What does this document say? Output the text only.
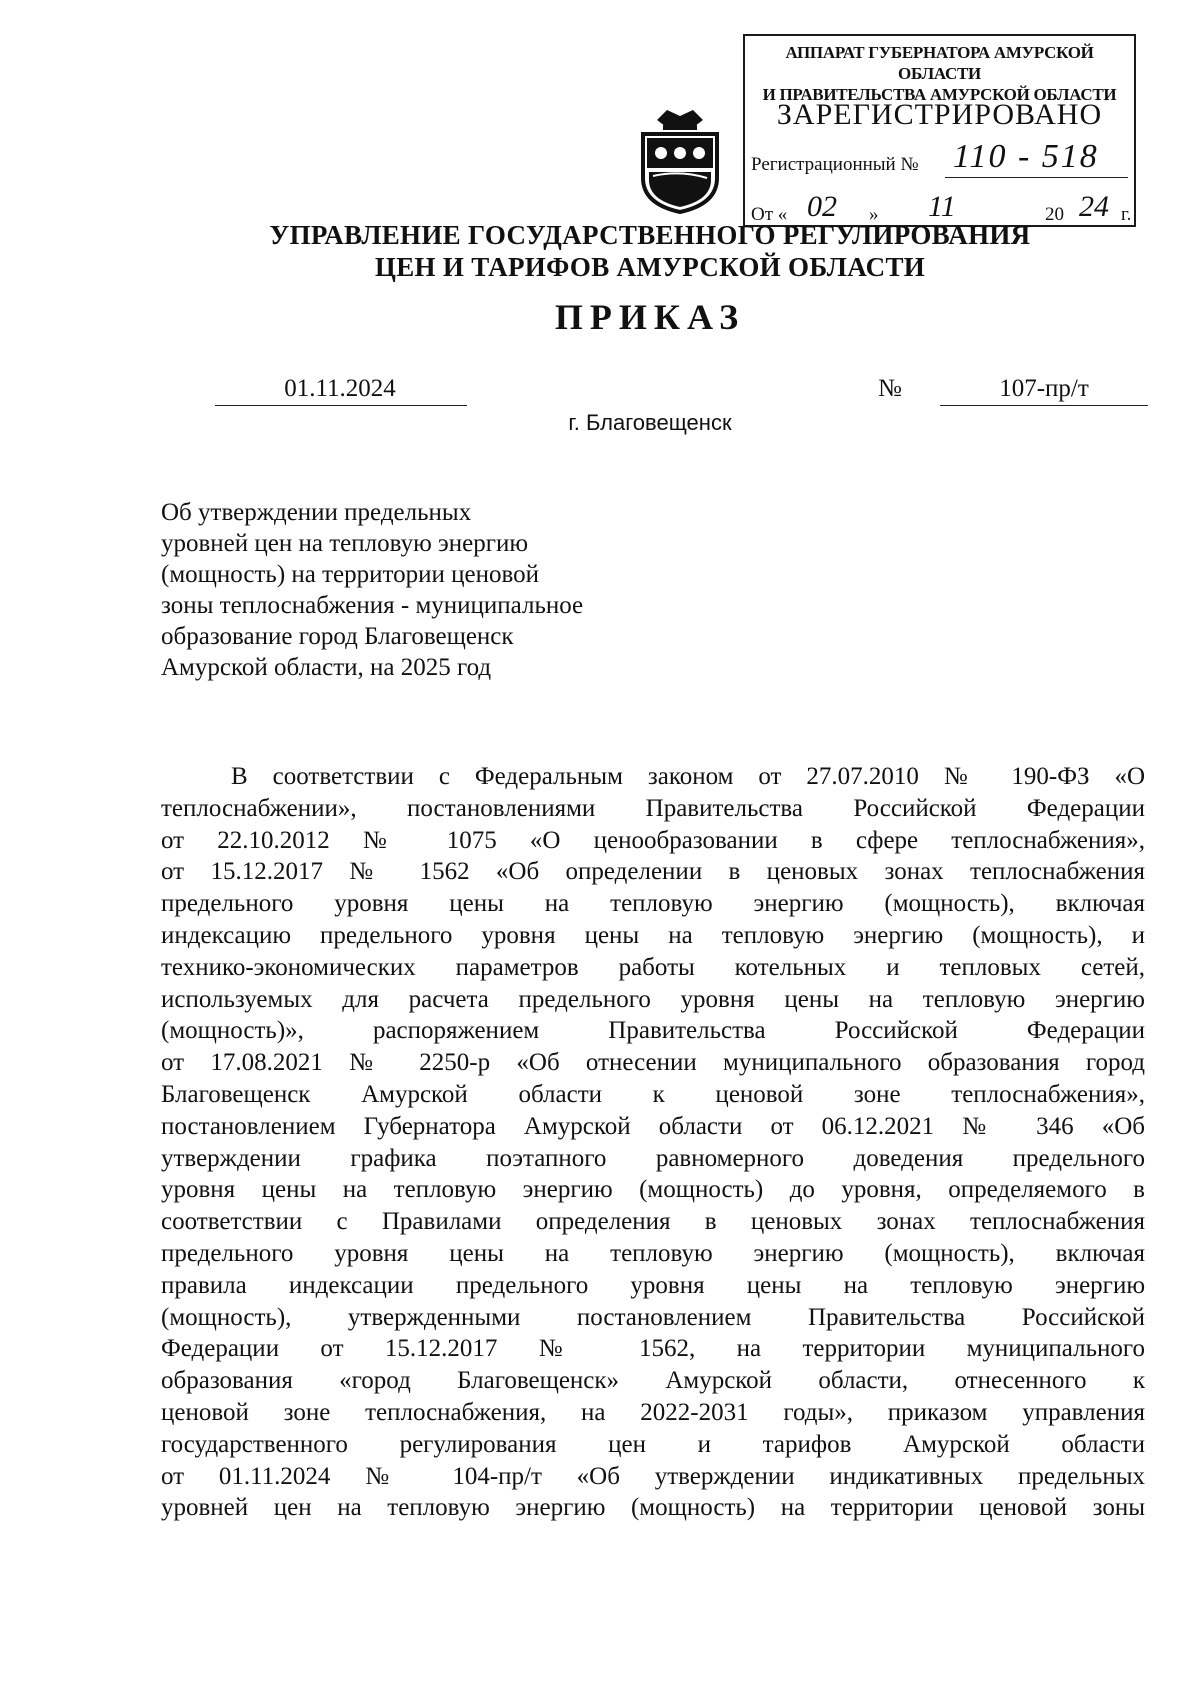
АППАРАТ ГУБЕРНАТОРА АМУРСКОЙ ОБЛАСТИ
И ПРАВИТЕЛЬСТВА АМУРСКОЙ ОБЛАСТИ
ЗАРЕГИСТРИРОВАНО
Регистрационный № 110 - 518
От « 02 » 11	20 24 г.
УПРАВЛЕНИЕ ГОСУДАРСТВЕННОГО РЕГУЛИРОВАНИЯ
ЦЕН И ТАРИФОВ АМУРСКОЙ ОБЛАСТИ
ПРИКАЗ
01.11.2024	№	107-пр/т
г. Благовещенск
Об утверждении предельных
уровней цен на тепловую энергию
(мощность) на территории ценовой
зоны теплоснабжения - муниципальное
образование город Благовещенск
Амурской области, на 2025 год
В соответствии с Федеральным законом от 27.07.2010 № 190-ФЗ «О
теплоснабжении», постановлениями Правительства Российской Федерации
от 22.10.2012 № 1075 «О ценообразовании в сфере теплоснабжения»,
от 15.12.2017 № 1562 «Об определении в ценовых зонах теплоснабжения
предельного уровня цены на тепловую энергию (мощность), включая
индексацию предельного уровня цены на тепловую энергию (мощность), и
технико-экономических параметров работы котельных и тепловых сетей,
используемых для расчета предельного уровня цены на тепловую энергию
(мощность)», распоряжением Правительства Российской Федерации
от 17.08.2021 № 2250-р «Об отнесении муниципального образования город
Благовещенск Амурской области к ценовой зоне теплоснабжения»,
постановлением Губернатора Амурской области от 06.12.2021 № 346 «Об
утверждении графика поэтапного равномерного доведения предельного
уровня цены на тепловую энергию (мощность) до уровня, определяемого в
соответствии с Правилами определения в ценовых зонах теплоснабжения
предельного уровня цены на тепловую энергию (мощность), включая
правила индексации предельного уровня цены на тепловую энергию
(мощность), утвержденными постановлением Правительства Российской
Федерации от 15.12.2017 № 1562, на территории муниципального
образования «город Благовещенск» Амурской области, отнесенного к
ценовой зоне теплоснабжения, на 2022-2031 годы», приказом управления
государственного регулирования цен и тарифов Амурской области
от 01.11.2024 № 104-пр/т «Об утверждении индикативных предельных
уровней цен на тепловую энергию (мощность) на территории ценовой зоны
